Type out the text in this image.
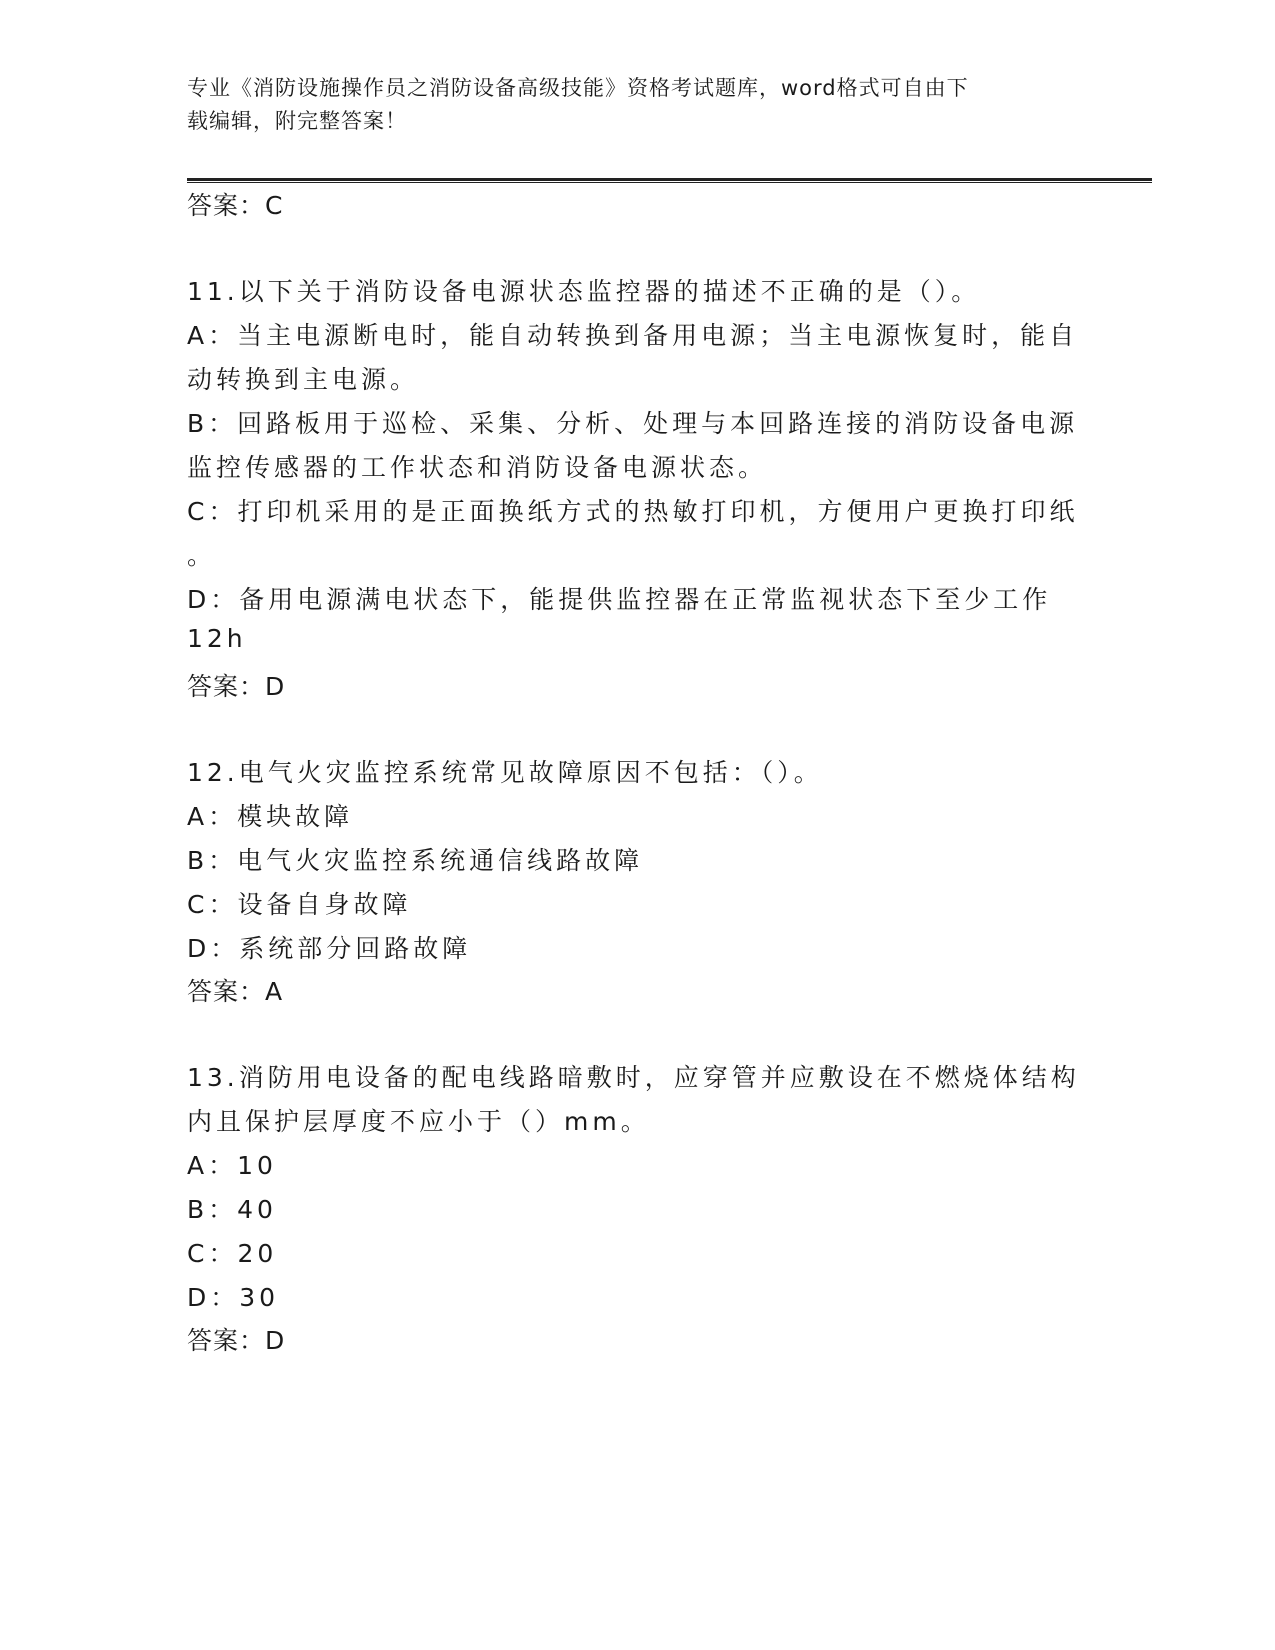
专业《消防设施操作员之消防设备高级技能》资格考试题库，word格式可自由下
载编辑，附完整答案！
答案：C
11.以下关于消防设备电源状态监控器的描述不正确的是（）。
A：当主电源断电时，能自动转换到备用电源；当主电源恢复时，能自
动转换到主电源。
B：回路板用于巡检、采集、分析、处理与本回路连接的消防设备电源
监控传感器的工作状态和消防设备电源状态。
C：打印机采用的是正面换纸方式的热敏打印机，方便用户更换打印纸
。
D：备用电源满电状态下，能提供监控器在正常监视状态下至少工作
12h
答案：D
12.电气火灾监控系统常见故障原因不包括：（）。
A：模块故障
B：电气火灾监控系统通信线路故障
C：设备自身故障
D：系统部分回路故障
答案：A
13.消防用电设备的配电线路暗敷时，应穿管并应敷设在不燃烧体结构
内且保护层厚度不应小于（）mm。
A：10
B：40
C：20
D：30
答案：D
